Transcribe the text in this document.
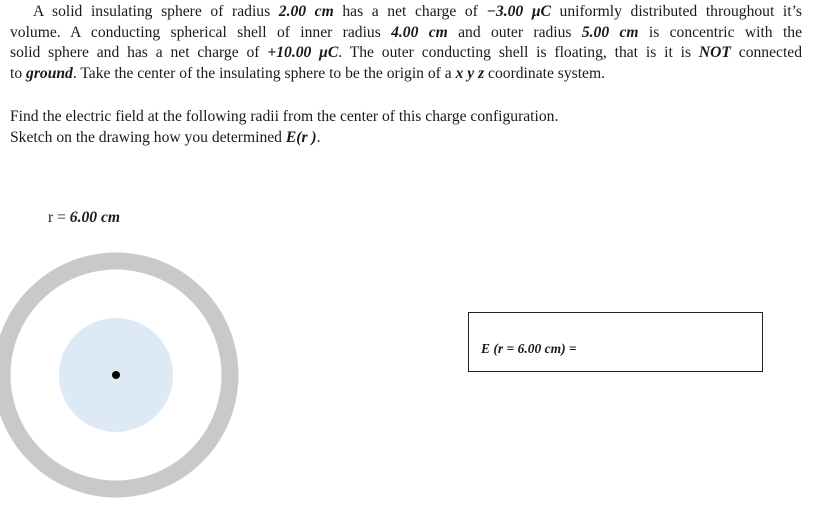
A solid insulating sphere of radius 2.00 cm has a net charge of −3.00 μC uniformly distributed throughout it’s
volume. A conducting spherical shell of inner radius 4.00 cm and outer radius 5.00 cm is concentric with the
solid sphere and has a net charge of +10.00 μC. The outer conducting shell is floating, that is it is NOT connected
to ground. Take the center of the insulating sphere to be the origin of a x y z coordinate system.
Find the electric field at the following radii from the center of this charge configuration.
Sketch on the drawing how you determined E(r ).
r = 6.00 cm
E (r = 6.00 cm) =
